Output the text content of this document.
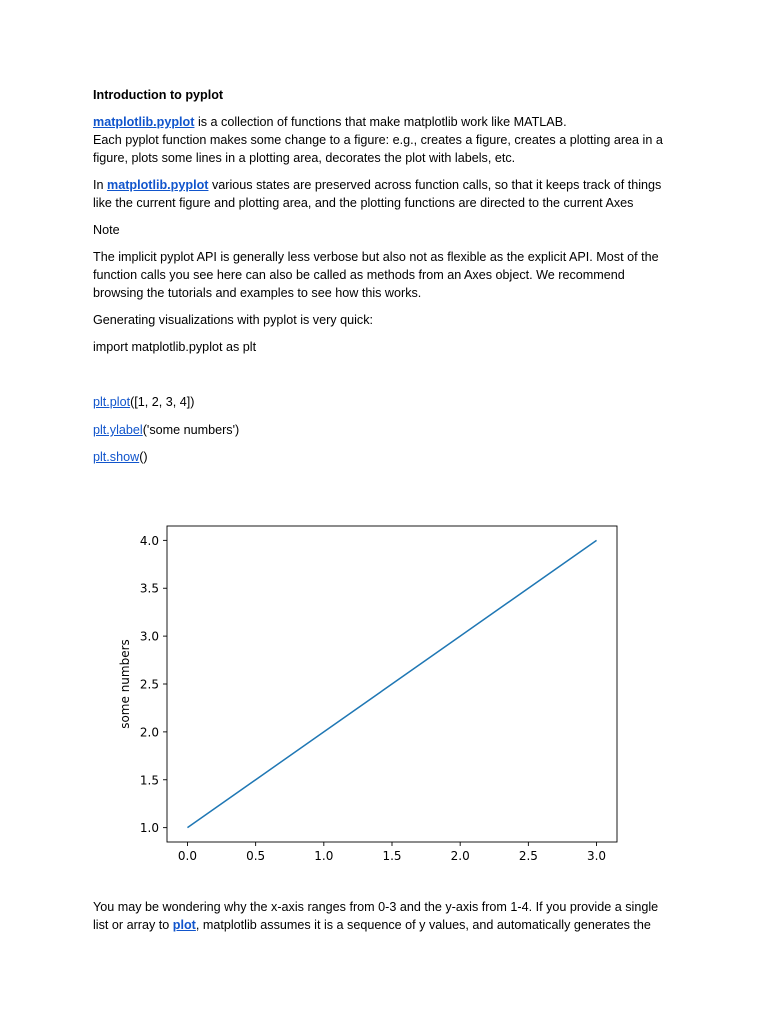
Introduction to pyplot

matplotlib.pyplot is a collection of functions that make matplotlib work like MATLAB.

Each pyplot function makes some change to a figure: e.g., creates a figure, creates a plotting area in a

figure, plots some lines in a plotting area, decorates the plot with labels, etc.

In matplotlib.pyplot various states are preserved across function calls, so that it keeps track of things

like the current figure and plotting area, and the plotting functions are directed to the current Axes

Note

The implicit pyplot API is generally less verbose but also not as flexible as the explicit API. Most of the

function calls you see here can also be called as methods from an Axes object. We recommend

browsing the tutorials and examples to see how this works.

Generating visualizations with pyplot is very quick:

import matplotlib.pyplot as plt

plt.plot([1, 2, 3, 4])

plt.ylabel('some numbers')

plt.show()

0.0	0.5	1.0	1.5	2.0	2.5	3.0
1.0
1.5
2.0
2.5
3.0
3.5
4.0
some numbers

You may be wondering why the x-axis ranges from 0-3 and the y-axis from 1-4. If you provide a single

list or array to plot, matplotlib assumes it is a sequence of y values, and automatically generates the
